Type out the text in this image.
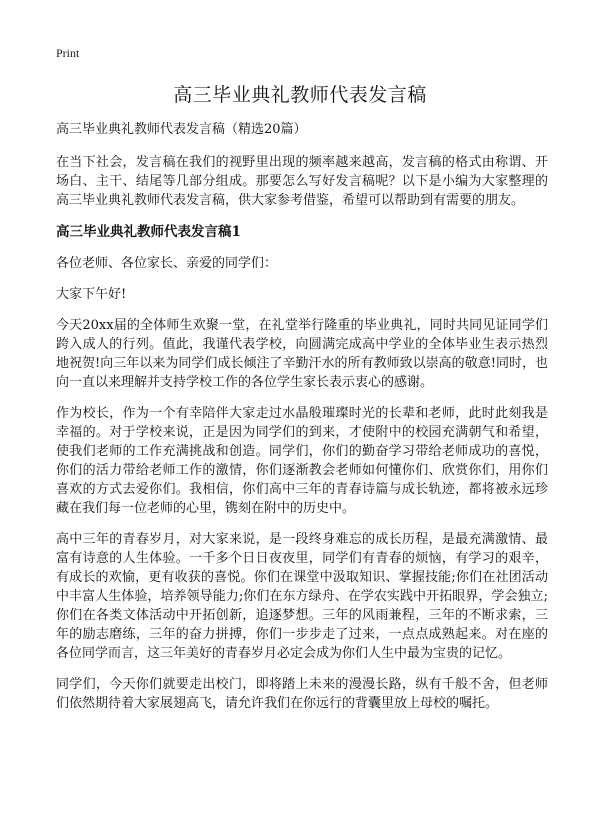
Print
高三毕业典礼教师代表发言稿
高三毕业典礼教师代表发言稿（精选20篇）

在当下社会，发言稿在我们的视野里出现的频率越来越高，发言稿的格式由称谓、开场白、主干、结尾等几部分组成。那要怎么写好发言稿呢？以下是小编为大家整理的高三毕业典礼教师代表发言稿，供大家参考借鉴，希望可以帮助到有需要的朋友。

高三毕业典礼教师代表发言稿1
各位老师、各位家长、亲爱的同学们：
大家下午好!

今天20xx届的全体师生欢聚一堂，在礼堂举行隆重的毕业典礼，同时共同见证同学们跨入成人的行列。值此，我谨代表学校，向圆满完成高中学业的全体毕业生表示热烈地祝贺!向三年以来为同学们成长倾注了辛勤汗水的所有教师致以崇高的敬意!同时，也向一直以来理解并支持学校工作的各位学生家长表示衷心的感谢。

作为校长，作为一个有幸陪伴大家走过水晶般璀璨时光的长辈和老师，此时此刻我是幸福的。对于学校来说，正是因为同学们的到来，才使附中的校园充满朝气和希望，使我们老师的工作充满挑战和创造。同学们，你们的勤奋学习带给老师成功的喜悦，你们的活力带给老师工作的激情，你们逐渐教会老师如何懂你们、欣赏你们，用你们喜欢的方式去爱你们。我相信，你们高中三年的青春诗篇与成长轨迹，都将被永远珍藏在我们每一位老师的心里，镌刻在附中的历史中。

高中三年的青春岁月，对大家来说，是一段终身难忘的成长历程，是最充满激情、最富有诗意的人生体验。一千多个日日夜夜里，同学们有青春的烦恼，有学习的艰辛，有成长的欢愉，更有收获的喜悦。你们在课堂中汲取知识、掌握技能;你们在社团活动中丰富人生体验，培养领导能力;你们在东方绿舟、在学农实践中开拓眼界，学会独立;你们在各类文体活动中开拓创新，追逐梦想。三年的风雨兼程，三年的不断求索，三年的励志磨练，三年的奋力拼搏，你们一步步走了过来，一点点成熟起来。对在座的各位同学而言，这三年美好的青春岁月必定会成为你们人生中最为宝贵的记忆。

同学们，今天你们就要走出校门，即将踏上未来的漫漫长路，纵有千般不舍，但老师们依然期待着大家展翅高飞，请允许我们在你远行的背囊里放上母校的嘱托。
